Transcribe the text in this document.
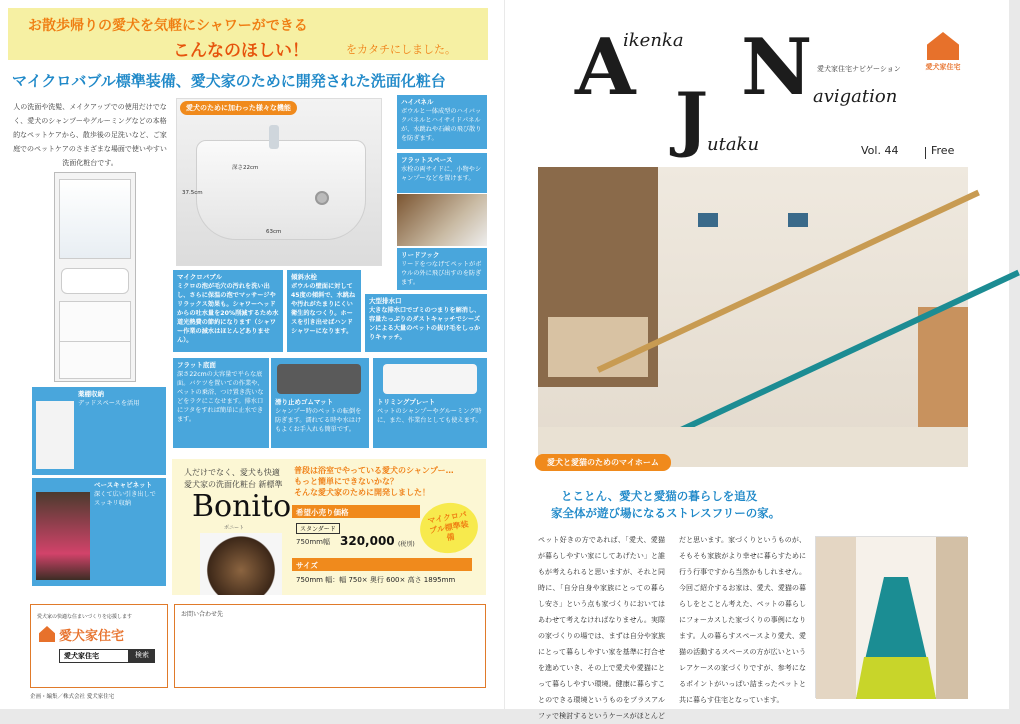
お散歩帰りの愛犬を気軽にシャワーができる
こんなのほしい！	をカタチにしました。
マイクロバブル標準装備、愛犬家のために開発された洗面化粧台
人の洗面や洗髪、メイクアップでの使用だけでなく、愛犬のシャンプーやグルーミングなどの本格的なペットケアから、散歩後の足洗いなど、ご家庭でのペットケアのさまざまな場面で使いやすい洗面化粧台です。
愛犬のために加わった様々な機能
深さ22cm
37.5cm
63cm
ハイパネル
ボウルと一体成型のハイバックパネルとハイサイドパネルが、水跳ねや石鹸の飛び散りを防ぎます。
フラットスペース
水栓の両サイドに、小物やシャンプーなどを置けます。
リードフック
リードをつなげてペットがボウルの外に飛び出すのを防ぎます。
マイクロバブル
ミクロの泡が毛穴の汚れを洗い出し、さらに保温の泡でマッサージやリラックス効果も。シャワーヘッドからの吐水量を20%削減するため水道光熱費の節約になります（シャワー作業の減水はほとんどありません）。
傾斜水栓
ボウルの壁面に対して45度の傾斜で、水跳ねや汚れがたまりにくい衛生的なつくり。ホースを引き出せばハンドシャワーになります。
大型排水口
大きな排水口でゴミのつまりを解消し、容量たっぷりのダストキャッチでシーズンによる大量のペットの抜け毛をしっかりキャッチ。
フラット底面
深さ22cmの大容量で平らな底面。バケツを置いての作業や、ペットの乗浴、つけ置き洗いなどをラクにこなせます。排水口にフタをすれば簡単に止水できます。
滑り止めゴムマット
シャンプー時のペットの転倒を防ぎます。濡れてる時や水はけもよくお手入れも簡単です。
トリミングプレート
ペットのシャンプーやグルーミング時に、また、作業台としても使えます。
薬棚収納
デッドスペースを活用
ベースキャビネット
深くて広い引き出しでスッキリ収納
人だけでなく、愛犬も快適
愛犬家の洗面化粧台 新標準
Bonito
ボニート
普段は浴室でやっている愛犬のシャンプー…
もっと簡単にできないかな？
そんな愛犬家のために開発しました！
希望小売り価格
スタンダード
750mm幅 320,000 (税別)
サイズ
750mm 幅：幅 750× 奥行 600× 高さ 1895mm
マイクロバブル標準装備
愛犬家の快適な住まいづくりを応援します
愛犬家住宅
愛犬家住宅	検索
お問い合わせ先
企画・編集／株式会社 愛犬家住宅
A N
J
ikenka
avigation
utaku
愛犬家住宅ナビゲーション
Vol. 44	Free
愛犬家住宅
愛犬と愛猫のためのマイホーム
とことん、愛犬と愛猫の暮らしを追及
家全体が遊び場になるストレスフリーの家。
ペット好きの方であれば、「愛犬、愛猫が暮らしやすい家にしてあげたい」と誰もが考えられると思いますが、それと同時に、「自分自身や家族にとっての暮らし安さ」という点も家づくりにおいてはあわせて考えなければなりません。実際の家づくりの場では、まずは自分や家族にとって暮らしやすい家を基準に打合せを進めていき、その上で愛犬や愛猫にとって暮らしやすい環境。健康に暮らすことのできる環境というものをプラスアルファで検討するというケースがほとんどだと思います。家づくりというものが、そもそも家族がより幸せに暮らすために行う行事ですから当然かもしれません。今回ご紹介するお家は、愛犬、愛猫の暮らしをとことん考えた、ペットの暮らしにフォーカスした家づくりの事例になります。人の暮らすスペースより愛犬、愛猫の活動するスペースの方が広いというレアケースの家づくりですが、参考になるポイントがいっぱい詰まったペットと共に暮らす住宅となっています。
